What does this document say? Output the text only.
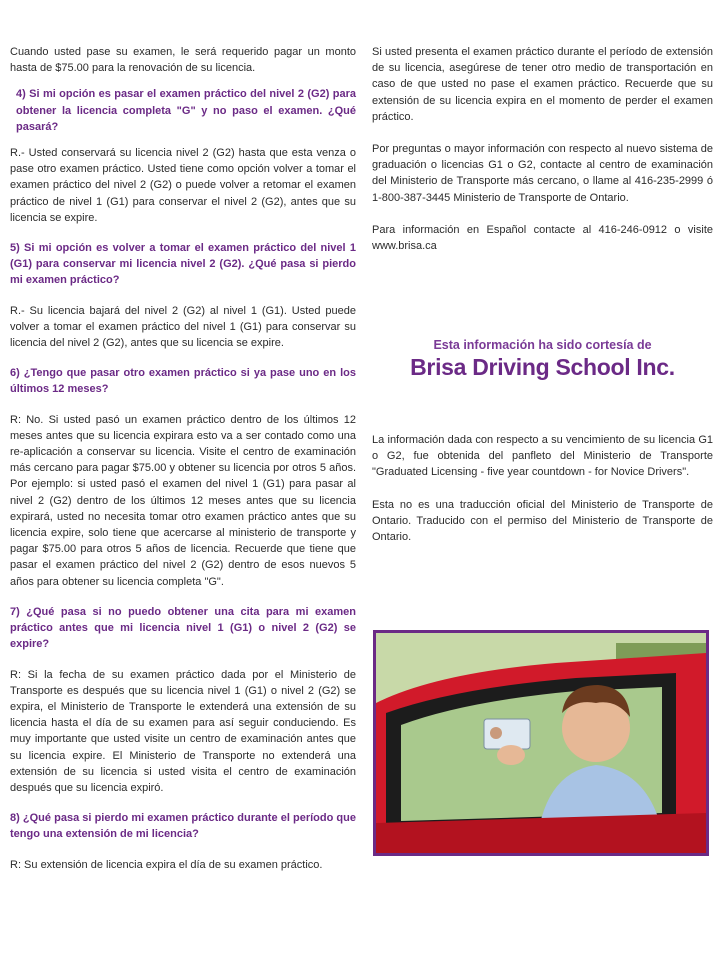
Cuando usted pase su examen, le será requerido pagar un monto hasta de $75.00 para la renovación de su licencia.

4) Si mi opción es pasar el examen práctico del nivel 2 (G2) para obtener la licencia completa "G" y no paso el examen. ¿Qué pasará?

R.- Usted conservará su licencia nivel 2 (G2) hasta que esta venza o pase otro examen práctico. Usted tiene como opción volver a tomar el examen práctico del nivel 2 (G2) o puede volver a retomar el examen práctico de nivel 1 (G1) para conservar el nivel 2 (G2), antes que su licencia se expire.

5) Si mi opción es volver a tomar el examen práctico del nivel 1 (G1) para conservar mi licencia nivel 2 (G2). ¿Qué pasa si pierdo mi examen práctico?

R.- Su licencia bajará del nivel 2 (G2) al nivel 1 (G1). Usted puede volver a tomar el examen práctico del nivel 1 (G1) para conservar su licencia del nivel 2 (G2), antes que su licencia se expire.

6) ¿Tengo que pasar otro examen práctico si ya pase uno en los últimos 12 meses?

R: No. Si usted pasó un examen práctico dentro de los últimos 12 meses antes que su licencia expirara esto va a ser contado como una re-aplicación a conservar su licencia. Visite el centro de examinación más cercano para pagar $75.00 y obtener su licencia por otros 5 años. Por ejemplo: si usted pasó el examen del nivel 1 (G1) para pasar al nivel 2 (G2) dentro de los últimos 12 meses antes que su licencia expirará, usted no necesita tomar otro examen práctico antes que su licencia expire, solo tiene que acercarse al ministerio de transporte y pagar $75.00 para otros 5 años de licencia. Recuerde que tiene que pasar el examen práctico del nivel 2 (G2) dentro de esos nuevos 5 años para obtener su licencia completa "G".

7) ¿Qué pasa si no puedo obtener una cita para mi examen práctico antes que mi licencia nivel 1 (G1) o nivel 2 (G2) se expire?

R: Si la fecha de su examen práctico dada por el Ministerio de Transporte es después que su licencia nivel 1 (G1) o nivel 2 (G2) se expira, el Ministerio de Transporte le extenderá una extensión de su licencia hasta el día de su examen para así seguir conduciendo. Es muy importante que usted visite un centro de examinación antes que su licencia expire. El Ministerio de Transporte no extenderá una extensión de su licencia si usted visita el centro de examinación después que su licencia expiró.

8) ¿Qué pasa si pierdo mi examen práctico durante el período que tengo una extensión de mi licencia?

R: Su extensión de licencia expira el día de su examen práctico.

Si usted presenta el examen práctico durante el período de extensión de su licencia, asegúrese de tener otro medio de transportación en caso de que usted no pase el examen práctico. Recuerde que su extensión de su licencia expira en el momento de perder el examen práctico.

Por preguntas o mayor información con respecto al nuevo sistema de graduación o licencias G1 o G2, contacte al centro de examinación del Ministerio de Transporte más cercano, o llame al 416-235-2999 ó 1-800-387-3445 Ministerio de Transporte de Ontario.

Para información en Español contacte al 416-246-0912 o visite www.brisa.ca

Esta información ha sido cortesía de
Brisa Driving School Inc.

La información dada con respecto a su vencimiento de su licencia G1 o G2, fue obtenida del panfleto del Ministerio de Transporte "Graduated Licensing - five year countdown - for Novice Drivers".

Esta no es una traducción oficial del Ministerio de Transporte de Ontario. Traducido con el permiso del Ministerio de Transporte de Ontario.
